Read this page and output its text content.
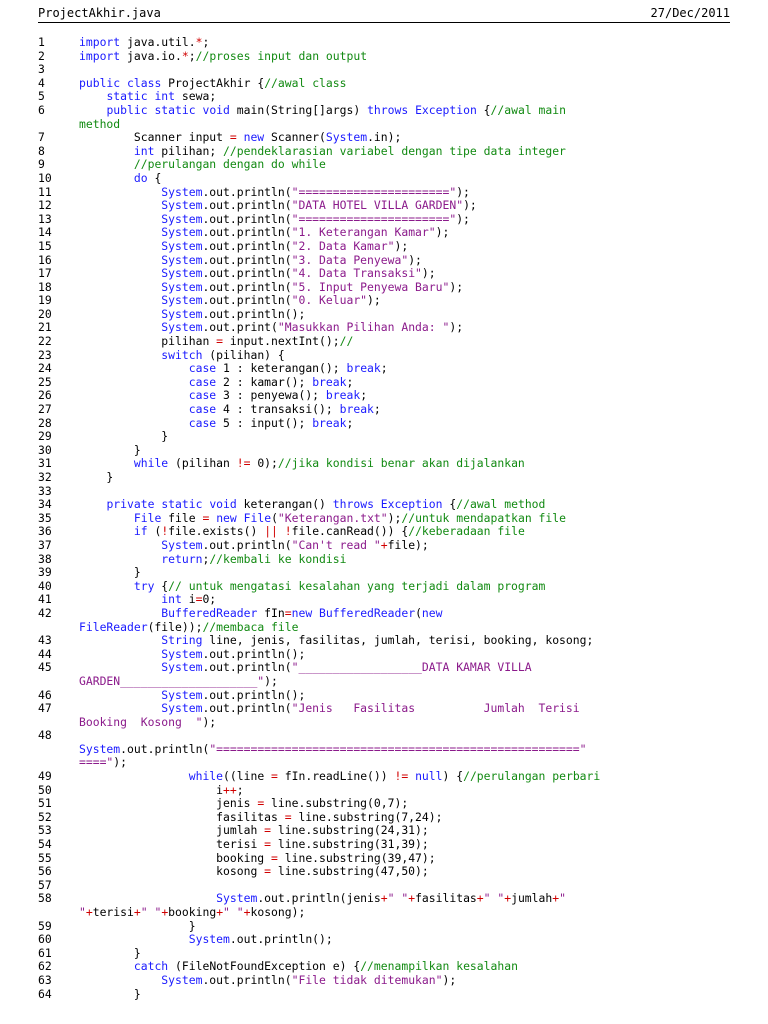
ProjectAkhir.java	27/Dec/2011
1	import java.util.*;
2	import java.io.*;//proses input dan output
3
4	public class ProjectAkhir {//awal class
5	static int sewa;
6	public static void main(String[]args) throws Exception {//awal main
method
7	Scanner input = new Scanner(System.in);
8	int pilihan; //pendeklarasian variabel dengan tipe data integer
9	//perulangan dengan do while
10	do {
11	System.out.println("======================");
12	System.out.println("DATA HOTEL VILLA GARDEN");
13	System.out.println("======================");
14	System.out.println("1. Keterangan Kamar");
15	System.out.println("2. Data Kamar");
16	System.out.println("3. Data Penyewa");
17	System.out.println("4. Data Transaksi");
18	System.out.println("5. Input Penyewa Baru");
19	System.out.println("0. Keluar");
20	System.out.println();
21	System.out.print("Masukkan Pilihan Anda: ");
22	pilihan = input.nextInt();//
23	switch (pilihan) {
24	case 1 : keterangan(); break;
25	case 2 : kamar(); break;
26	case 3 : penyewa(); break;
27	case 4 : transaksi(); break;
28	case 5 : input(); break;
29	}
30	}
31	while (pilihan != 0);//jika kondisi benar akan dijalankan
32	}
33
34	private static void keterangan() throws Exception {//awal method
35	File file = new File("Keterangan.txt");//untuk mendapatkan file
36	if (!file.exists() || !file.canRead()) {//keberadaan file
37	System.out.println("Can't read "+file);
38	return;//kembali ke kondisi
39	}
40	try {// untuk mengatasi kesalahan yang terjadi dalam program
41	int i=0;
42	BufferedReader fIn=new BufferedReader(new
FileReader(file));//membaca file
43	String line, jenis, fasilitas, jumlah, terisi, booking, kosong;
44	System.out.println();
45	System.out.println("__________________DATA KAMAR VILLA
GARDEN____________________");
46	System.out.println();
47	System.out.println("Jenis   Fasilitas          Jumlah  Terisi
Booking  Kosong  ");
48
System.out.println("====================================================="
====");
49	while((line = fIn.readLine()) != null) {//perulangan perbari
50	i++;
51	jenis = line.substring(0,7);
52	fasilitas = line.substring(7,24);
53	jumlah = line.substring(24,31);
54	terisi = line.substring(31,39);
55	booking = line.substring(39,47);
56	kosong = line.substring(47,50);
57
58	System.out.println(jenis+" "+fasilitas+" "+jumlah+"
"+terisi+" "+booking+" "+kosong);
59	}
60	System.out.println();
61	}
62	catch (FileNotFoundException e) {//menampilkan kesalahan
63	System.out.println("File tidak ditemukan");
64	}
